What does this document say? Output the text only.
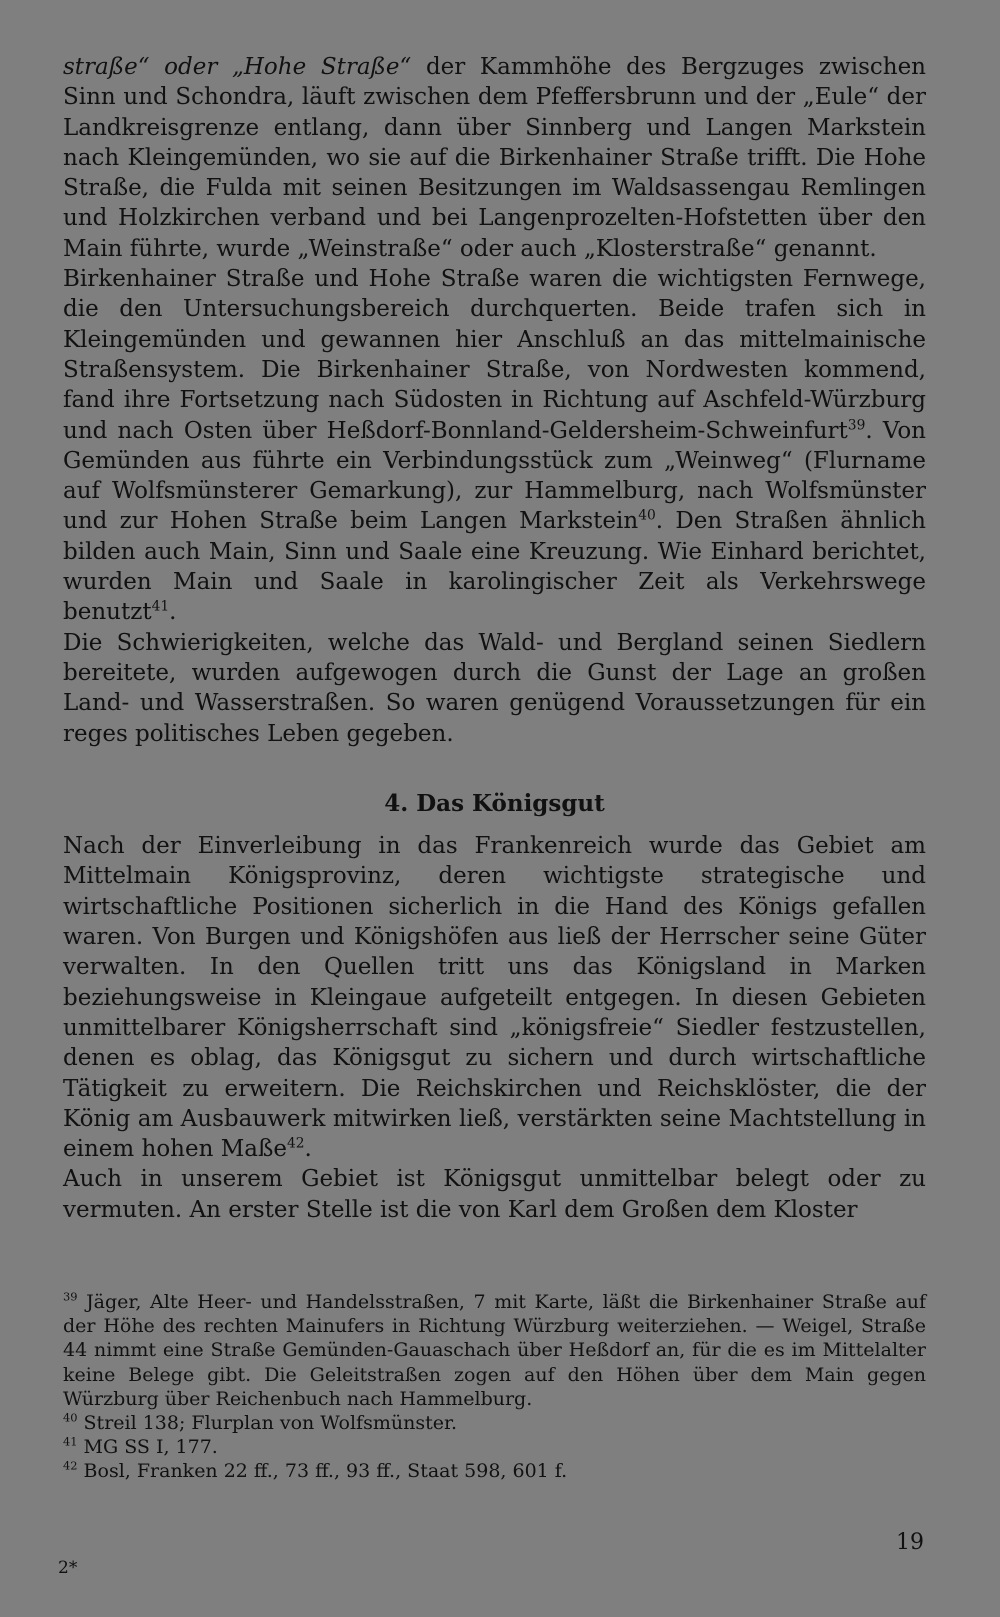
straße“ oder „Hohe Straße“ der Kammhöhe des Bergzuges zwischen Sinn und Schondra, läuft zwischen dem Pfeffersbrunn und der „Eule“ der Landkreisgrenze entlang, dann über Sinnberg und Langen Markstein nach Kleingemünden, wo sie auf die Birkenhainer Straße trifft. Die Hohe Straße, die Fulda mit seinen Besitzungen im Waldsassengau Remlingen und Holzkirchen verband und bei Langenprozelten-Hofstetten über den Main führte, wurde „Weinstraße“ oder auch „Klosterstraße“ genannt.

Birkenhainer Straße und Hohe Straße waren die wichtigsten Fernwege, die den Untersuchungsbereich durchquerten. Beide trafen sich in Kleingemünden und gewannen hier Anschluß an das mittelmainische Straßensystem. Die Birkenhainer Straße, von Nordwesten kommend, fand ihre Fortsetzung nach Südosten in Richtung auf Aschfeld-Würzburg und nach Osten über Heßdorf-Bonnland-Geldersheim-Schweinfurt$^{39}$. Von Gemünden aus führte ein Verbindungsstück zum „Weinweg“ (Flurname auf Wolfsmünsterer Gemarkung), zur Hammelburg, nach Wolfsmünster und zur Hohen Straße beim Langen Markstein$^{40}$. Den Straßen ähnlich bilden auch Main, Sinn und Saale eine Kreuzung. Wie Einhard berichtet, wurden Main und Saale in karolingischer Zeit als Verkehrswege benutzt$^{41}$.

Die Schwierigkeiten, welche das Wald- und Bergland seinen Siedlern bereitete, wurden aufgewogen durch die Gunst der Lage an großen Land- und Wasserstraßen. So waren genügend Voraussetzungen für ein reges politisches Leben gegeben.

4. Das Königsgut

Nach der Einverleibung in das Frankenreich wurde das Gebiet am Mittelmain Königsprovinz, deren wichtigste strategische und wirtschaftliche Positionen sicherlich in die Hand des Königs gefallen waren. Von Burgen und Königshöfen aus ließ der Herrscher seine Güter verwalten. In den Quellen tritt uns das Königsland in Marken beziehungsweise in Kleingaue aufgeteilt entgegen. In diesen Gebieten unmittelbarer Königsherrschaft sind „königsfreie“ Siedler festzustellen, denen es oblag, das Königsgut zu sichern und durch wirtschaftliche Tätigkeit zu erweitern. Die Reichskirchen und Reichsklöster, die der König am Ausbauwerk mitwirken ließ, verstärkten seine Machtstellung in einem hohen Maße$^{42}$.

Auch in unserem Gebiet ist Königsgut unmittelbar belegt oder zu vermuten. An erster Stelle ist die von Karl dem Großen dem Kloster

$^{39}$ Jäger, Alte Heer- und Handelsstraßen, 7 mit Karte, läßt die Birkenhainer Straße auf der Höhe des rechten Mainufers in Richtung Würzburg weiterziehen. — Weigel, Straße 44 nimmt eine Straße Gemünden-Gauaschach über Heßdorf an, für die es im Mittelalter keine Belege gibt. Die Geleitstraßen zogen auf den Höhen über dem Main gegen Würzburg über Reichenbuch nach Hammelburg.

$^{40}$ Streil 138; Flurplan von Wolfsmünster.

$^{41}$ MG SS I, 177.

$^{42}$ Bosl, Franken 22 ff., 73 ff., 93 ff., Staat 598, 601 f.

19
2*
